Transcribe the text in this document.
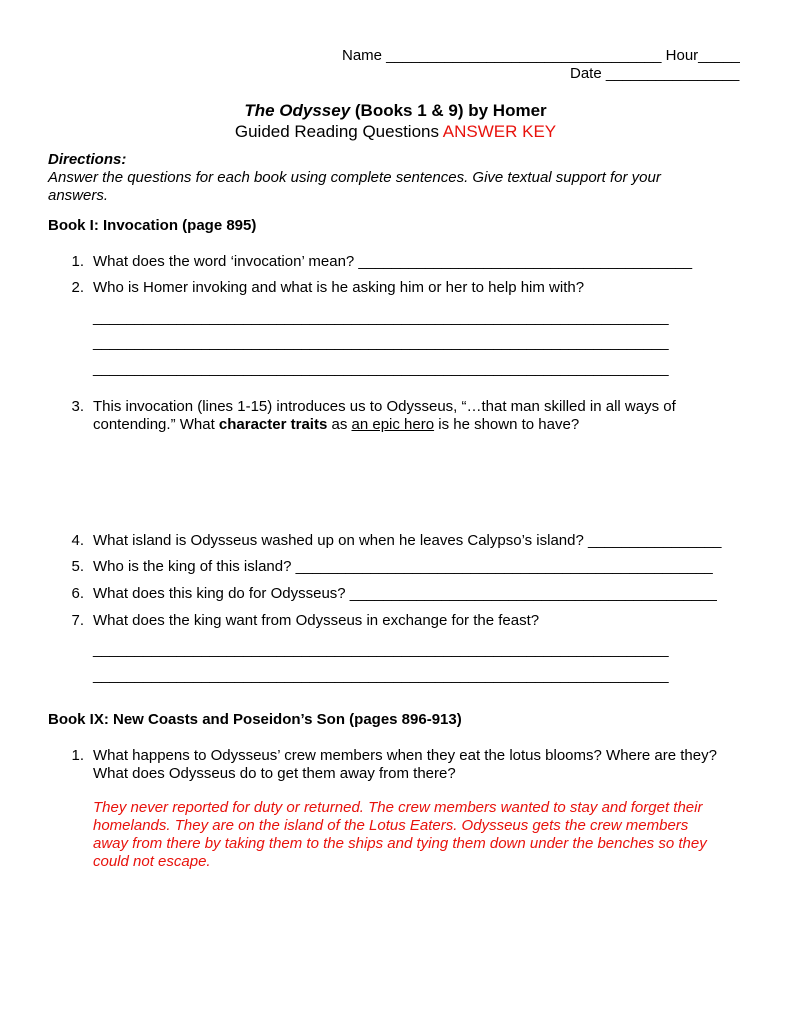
Name _________________________________ Hour_____
Date ________________
The Odyssey (Books 1 & 9) by Homer
Guided Reading Questions ANSWER KEY
Directions:
Answer the questions for each book using complete sentences. Give textual support for your
answers.
Book I: Invocation (page 895)
1. What does the word ‘invocation’ mean? ________________________________________
2. Who is Homer invoking and what is he asking him or her to help him with?
_____________________________________________________________________
_____________________________________________________________________
_____________________________________________________________________
3. This invocation (lines 1-15) introduces us to Odysseus, “…that man skilled in all ways of
contending.” What character traits as an epic hero is he shown to have?
4. What island is Odysseus washed up on when he leaves Calypso’s island? ________________
5. Who is the king of this island? __________________________________________________
6. What does this king do for Odysseus? ____________________________________________
7. What does the king want from Odysseus in exchange for the feast?
_____________________________________________________________________
_____________________________________________________________________
Book IX: New Coasts and Poseidon’s Son (pages 896-913)
1. What happens to Odysseus’ crew members when they eat the lotus blooms? Where are they?
What does Odysseus do to get them away from there?
They never reported for duty or returned. The crew members wanted to stay and forget their
homelands. They are on the island of the Lotus Eaters. Odysseus gets the crew members
away from there by taking them to the ships and tying them down under the benches so they
could not escape.
